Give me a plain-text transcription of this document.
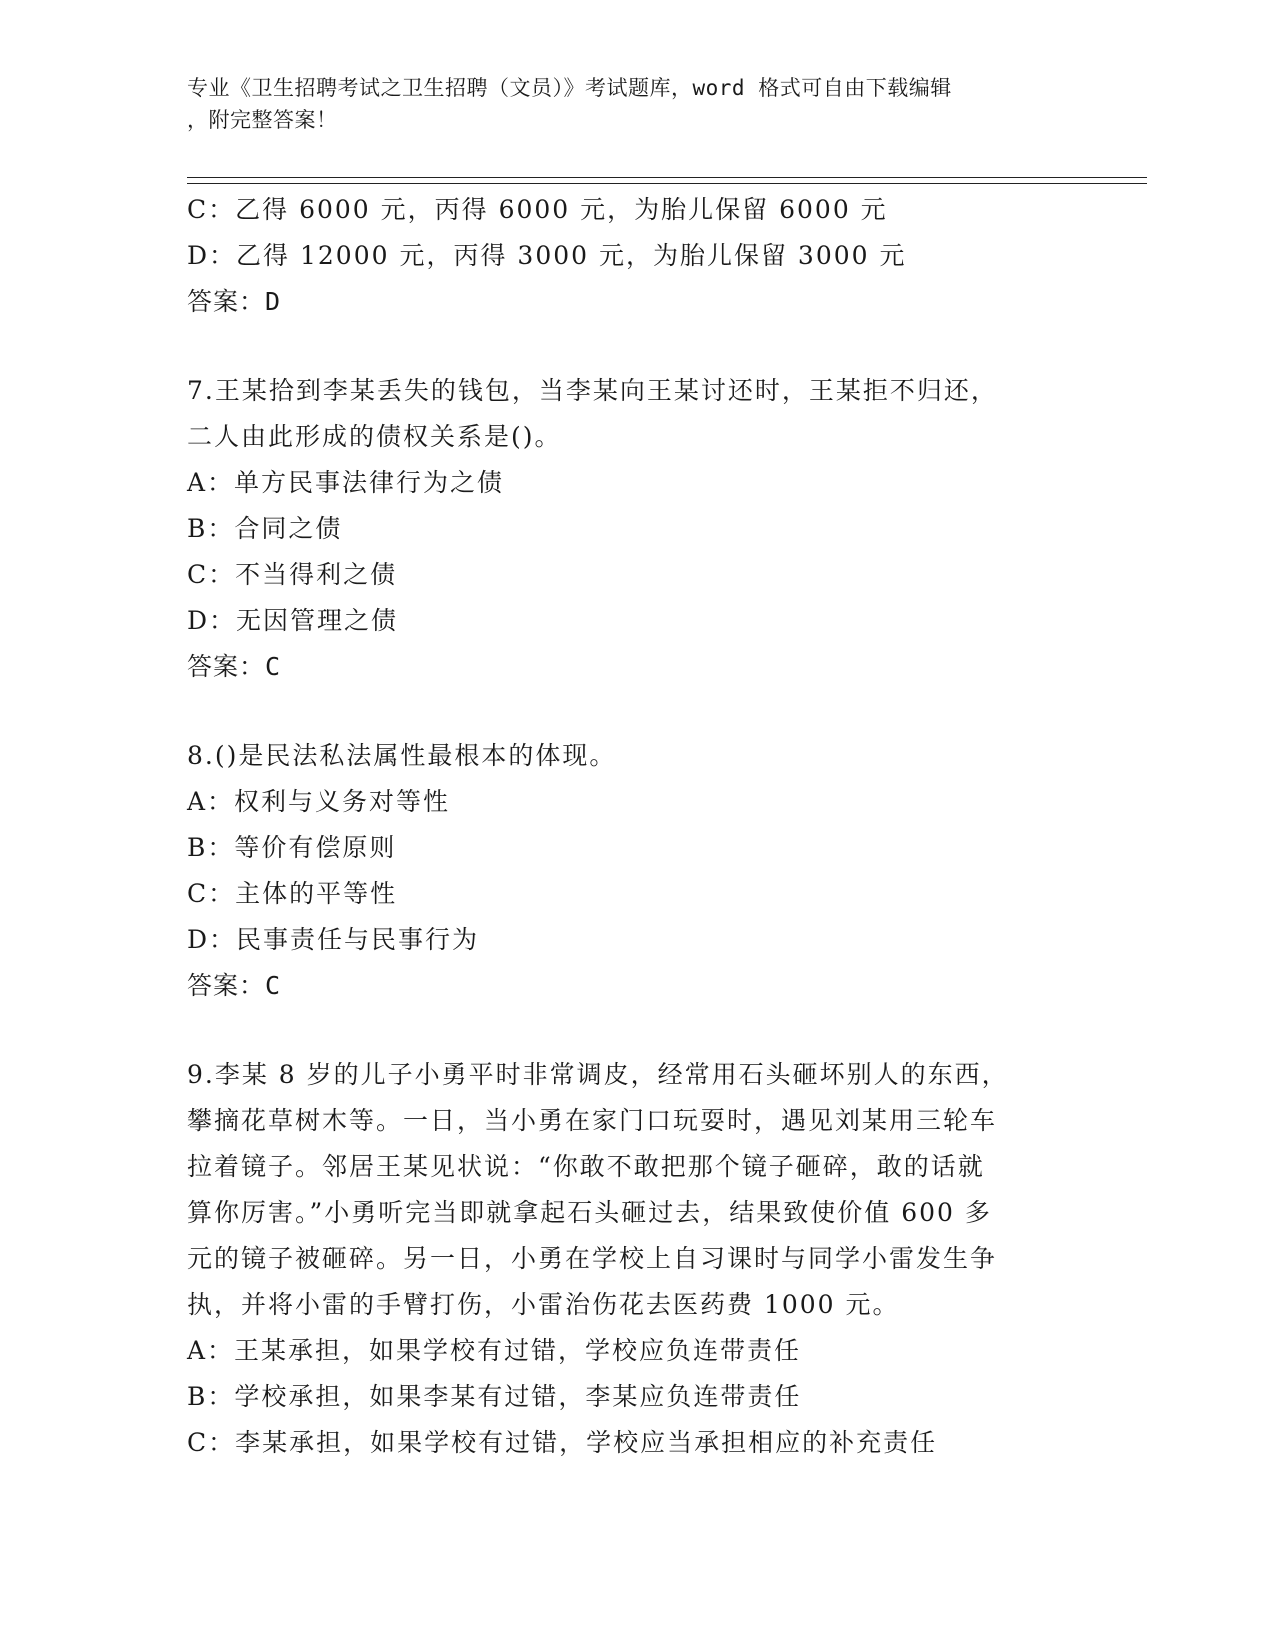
专业《卫生招聘考试之卫生招聘（文员）》考试题库，word 格式可自由下载编辑
，附完整答案！
C：乙得 6000 元，丙得 6000 元，为胎儿保留 6000 元
D：乙得 12000 元，丙得 3000 元，为胎儿保留 3000 元
答案：D
7.王某拾到李某丢失的钱包，当李某向王某讨还时，王某拒不归还，
二人由此形成的债权关系是()。
A：单方民事法律行为之债
B：合同之债
C：不当得利之债
D：无因管理之债
答案：C
8.()是民法私法属性最根本的体现。
A：权利与义务对等性
B：等价有偿原则
C：主体的平等性
D：民事责任与民事行为
答案：C
9.李某 8 岁的儿子小勇平时非常调皮，经常用石头砸坏别人的东西，
攀摘花草树木等。一日，当小勇在家门口玩耍时，遇见刘某用三轮车
拉着镜子。邻居王某见状说：“你敢不敢把那个镜子砸碎，敢的话就
算你厉害。”小勇听完当即就拿起石头砸过去，结果致使价值 600 多
元的镜子被砸碎。另一日，小勇在学校上自习课时与同学小雷发生争
执，并将小雷的手臂打伤，小雷治伤花去医药费 1000 元。
A：王某承担，如果学校有过错，学校应负连带责任
B：学校承担，如果李某有过错，李某应负连带责任
C：李某承担，如果学校有过错，学校应当承担相应的补充责任
